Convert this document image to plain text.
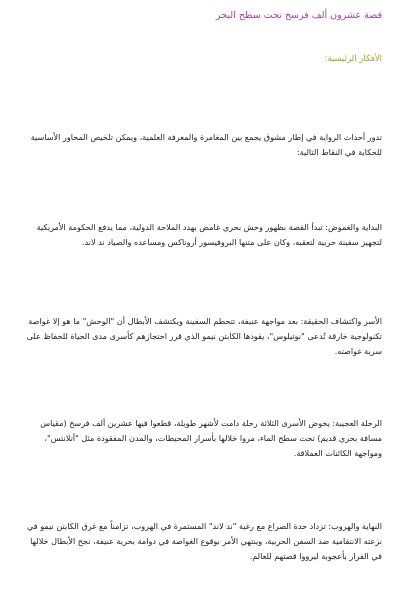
قصة عشرون ألف فرسخ تحت سطح البحر
الأفكار الرئيسية:

تدور أحداث الرواية في إطار مشوق يجمع بين المغامرة والمعرفة العلمية، ويمكن تلخيص المحاور الأساسية للحكاية في النقاط التالية:

البداية والغموض: تبدأ القصة بظهور وحش بحري غامض يهدد الملاحة الدولية، مما يدفع الحكومة الأمريكية لتجهيز سفينة حربية لتعقبه، وكان على متنها البروفيسور أروناكس ومساعده والصياد ند لاند.

الأسر واكتشاف الحقيقة: بعد مواجهة عنيفة، تتحطم السفينة ويكتشف الأبطال أن "الوحش" ما هو إلا غواصة تكنولوجية خارقة تُدعى "نوتيلوس"، يقودها الكابتن نيمو الذي قرر احتجازهم كأسرى مدى الحياة للحفاظ على سرية غواصته.

الرحلة العجيبة: يخوض الأسرى الثلاثة رحلة دامت لأشهر طويلة، قطعوا فيها عشرين ألف فرسخ (مقياس مسافة بحري قديم) تحت سطح الماء، مروا خلالها بأسرار المحيطات، والمدن المفقودة مثل "أتلانتس"، ومواجهة الكائنات العملاقة.

النهاية والهروب: تزداد حدة الصراع مع رغبة "ند لاند" المستمرة في الهروب، تزامناً مع غرق الكابتن نيمو في نزعته الانتقامية ضد السفن الحربية، وينتهي الأمر بوقوع الغواصة في دوامة بحرية عنيفة، نجح الأبطال خلالها في الفرار بأعجوبة ليرووا قصتهم للعالم.
